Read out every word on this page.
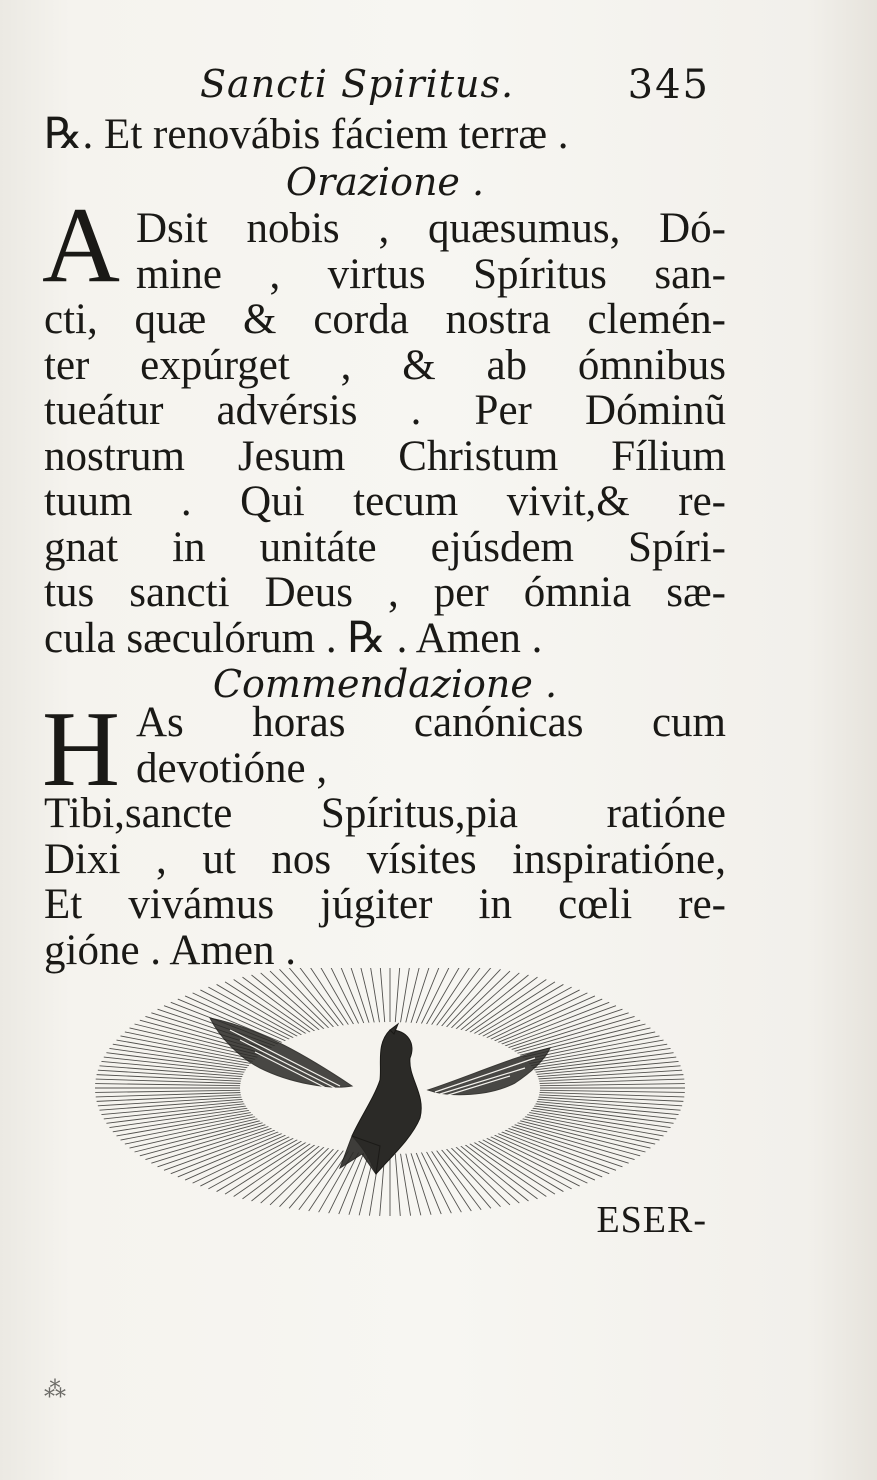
Sancti Spiritus.	345
℞. Et renovábis fáciem terræ .
Orazione .
A Dsit nobis , quæsumus, Dó-
mine , virtus Spíritus san-
cti, quæ & corda nostra clemén-
ter expúrget , & ab ómnibus
tueátur advérsis . Per Dóminũ
nostrum Jesum Christum Fílium
tuum . Qui tecum vivit,& re-
gnat in unitáte ejúsdem Spíri-
tus sancti Deus , per ómnia sæ-
cula sæculórum . ℞ . Amen .
Commendazione .
H As horas canónicas cum
devotióne ,
Tibi,sancte Spíritus,pia ratióne
Dixi , ut nos vísites inspiratióne,
Et vivámus júgiter in cœli re-
gióne . Amen .
ESER-
⁂
